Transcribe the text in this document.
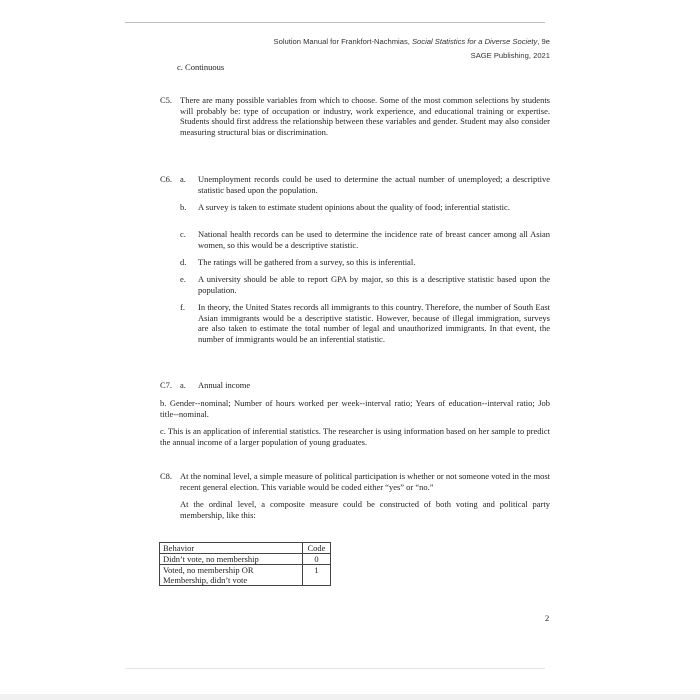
Solution Manual for Frankfort-Nachmias, Social Statistics for a Diverse Society, 9e
SAGE Publishing, 2021
c. Continuous
C5. There are many possible variables from which to choose. Some of the most common selections by students will probably be: type of occupation or industry, work experience, and educational training or expertise. Students should first address the relationship between these variables and gender. Student may also consider measuring structural bias or discrimination.

C6. a. Unemployment records could be used to determine the actual number of unemployed; a descriptive statistic based upon the population.

b. A survey is taken to estimate student opinions about the quality of food; inferential statistic.

c. National health records can be used to determine the incidence rate of breast cancer among all Asian women, so this would be a descriptive statistic.

d. The ratings will be gathered from a survey, so this is inferential.

e. A university should be able to report GPA by major, so this is a descriptive statistic based upon the population.

f. In theory, the United States records all immigrants to this country. Therefore, the number of South East Asian immigrants would be a descriptive statistic. However, because of illegal immigration, surveys are also taken to estimate the total number of legal and unauthorized immigrants. In that event, the number of immigrants would be an inferential statistic.

C7. a. Annual income

b. Gender--nominal; Number of hours worked per week--interval ratio; Years of education--interval ratio; Job title--nominal.

c. This is an application of inferential statistics. The researcher is using information based on her sample to predict the annual income of a larger population of young graduates.

C8. At the nominal level, a simple measure of political participation is whether or not someone voted in the most recent general election. This variable would be coded either “yes” or “no.”

At the ordinal level, a composite measure could be constructed of both voting and political party membership, like this:

Behavior	Code
Didn’t vote, no membership	0
Voted, no membership OR Membership, didn’t vote	1
2
